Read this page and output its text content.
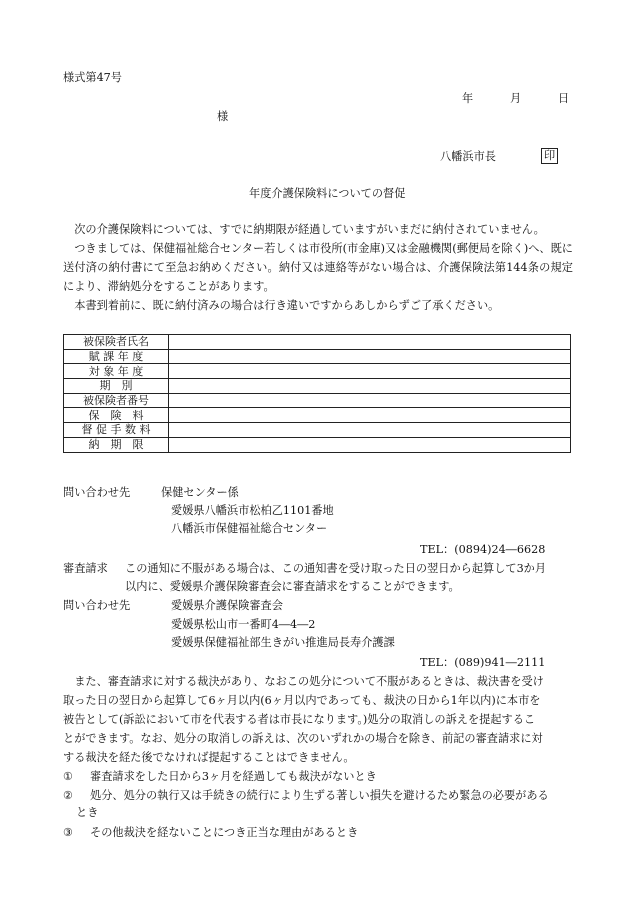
様式第47号
年	月	日
様
八幡浜市長	印
年度介護保険料についての督促
　次の介護保険料については、すでに納期限が経過していますがいまだに納付されていません。
　つきましては、保健福祉総合センター若しくは市役所(市金庫)又は金融機関(郵便局を除く)へ、既に送付済の納付書にて至急お納めください。納付又は連絡等がない場合は、介護保険法第144条の規定により、滞納処分をすることがあります。
　本書到着前に、既に納付済みの場合は行き違いですからあしからずご了承ください。
被保険者氏名	
賦 課 年 度	
対 象 年 度	
期　別	
被保険者番号	
保　険　料	
督 促 手 数 料	
納　期　限	
問い合わせ先	保健センター係
愛媛県八幡浜市松柏乙1101番地
八幡浜市保健福祉総合センター
TEL：(0894)24―6628
審査請求 この通知に不服がある場合は、この通知書を受け取った日の翌日から起算して3か月
以内に、愛媛県介護保険審査会に審査請求をすることができます。
問い合わせ先	愛媛県介護保険審査会
愛媛県松山市一番町4―4―2
愛媛県保健福祉部生きがい推進局長寿介護課
TEL：(089)941―2111
　また、審査請求に対する裁決があり、なおこの処分について不服があるときは、裁決書を受け
取った日の翌日から起算して6ヶ月以内(6ヶ月以内であっても、裁決の日から1年以内)に本市を
被告として(訴訟において市を代表する者は市長になります。)処分の取消しの訴えを提起するこ
とができます。なお、処分の取消しの訴えは、次のいずれかの場合を除き、前記の審査請求に対
する裁決を経た後でなければ提起することはできません。
① 審査請求をした日から3ヶ月を経過しても裁決がないとき
② 処分、処分の執行又は手続きの続行により生ずる著しい損失を避けるため緊急の必要がある
とき
③ その他裁決を経ないことにつき正当な理由があるとき
